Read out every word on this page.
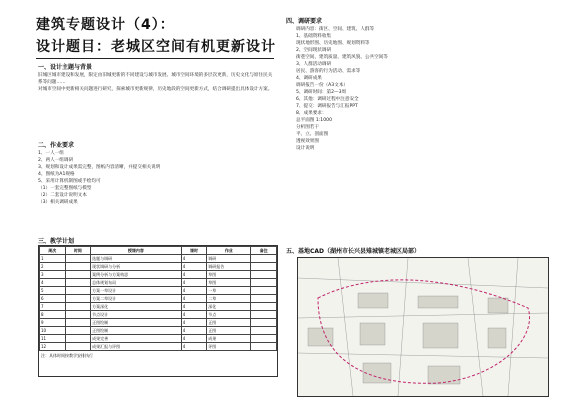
建筑专题设计（4）：
设计题目：老城区空间有机更新设计
一、设计主题与背景
旧城区城市建设和发展，限定由旧城更新的不同建设与城市发展、城市空间环境的多层次更新，历史文化与原住民关系等问题……
对城市空间中更新相关问题进行研究，探索城市更新规律，历史地段的空间更新方式，结合调研提出具体设计方案。
二、作业要求
1、一人一组
2、两人一组调研
3、规划和设计成果需完整，图纸内容清晰，并提交相关说明
4、图纸为A1规格
5、采用计算机制图或手绘均可
（1）一套完整图纸与模型
（2）二套设计说明文本
（3）相关调研成果
三、教学计划
周次	时间	授课内容	课时	作业	备注
1		选题与调研	4	调研	
2		现状调研与分析	4	调研报告	
3		案例分析与方案构思	4	草图	
4		总体规划布局	4	草图	
5		方案一草设计	4	一草	
6		方案二草设计	4	二草	
7		方案深化	4	深化	
8		节点设计	4	节点	
9		正图绘制	4	正图	
10		正图绘制	4	正图	
11		成果完善	4	成果	
12		成果汇报与评图	4	评图	
注：具体时间按教学安排执行
四、调研要求
调研内容：街区、空间、建筑、人群等
1、基础资料收集
现状地形图、历史地图、规划资料等
2、空间现状调研
街巷空间、建筑质量、建筑风貌、公共空间等
3、人群活动调研
居民、游客的行为活动、需求等
4、调研成果
调研报告一份（A3文本）
5、调研时间：第2—3周
6、其他：调研过程中注意安全
7、提交：调研报告与汇报PPT
8、成果要求：
总平面图 1:1000
分析图若干
平、立、剖面图
透视效果图
设计说明
五、基地CAD（湖州市长兴县雉城镇老城区局部）
